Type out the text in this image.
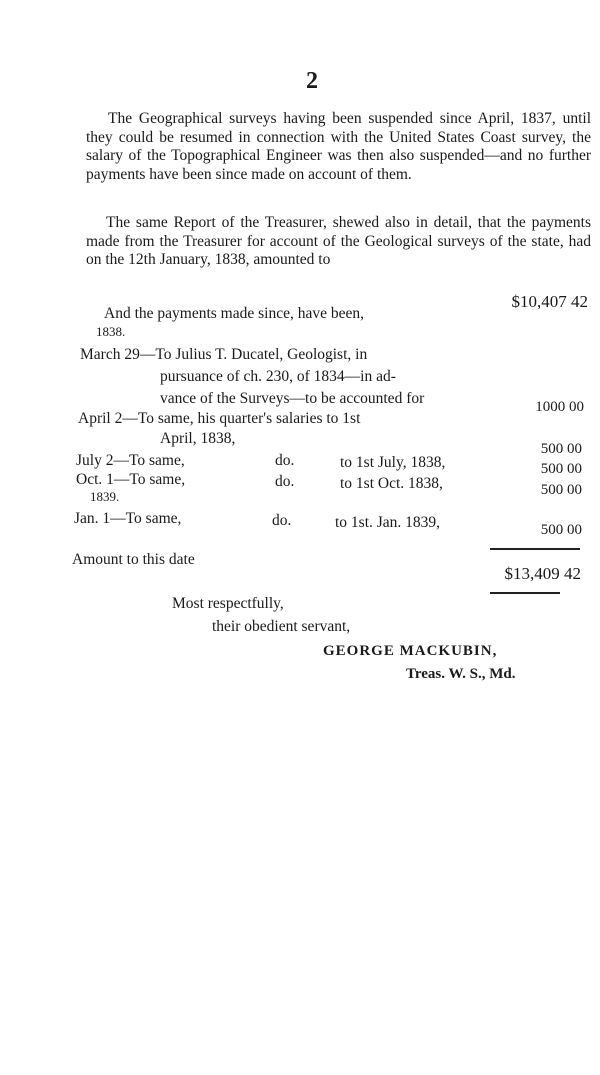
2

The Geographical surveys having been suspended since April, 1837, until they could be resumed in connection with the United States Coast survey, the salary of the Topographical Engineer was then also suspended—and no further payments have been since made on account of them.

The same Report of the Treasurer, shewed also in detail, that the payments made from the Treasurer for account of the Geological surveys of the state, had on the 12th January, 1838, amounted to

$10,407 42
And the payments made since, have been,
1838.
March 29—To Julius T. Ducatel, Geologist, in
pursuance of ch. 230, of 1834—in ad-
vance of the Surveys—to be accounted for	1000 00
April 2—To same, his quarter's salaries to 1st
April, 1838,
500 00
July 2—To same,	do.	to 1st July, 1838,	500 00
Oct. 1—To same,	do.	to 1st Oct. 1838,	500 00
1839.
Jan. 1—To same,	do.	to 1st. Jan. 1839,	500 00
Amount to this date
$13,409 42
Most respectfully,
their obedient servant,
GEORGE MACKUBIN,
Treas. W. S., Md.
